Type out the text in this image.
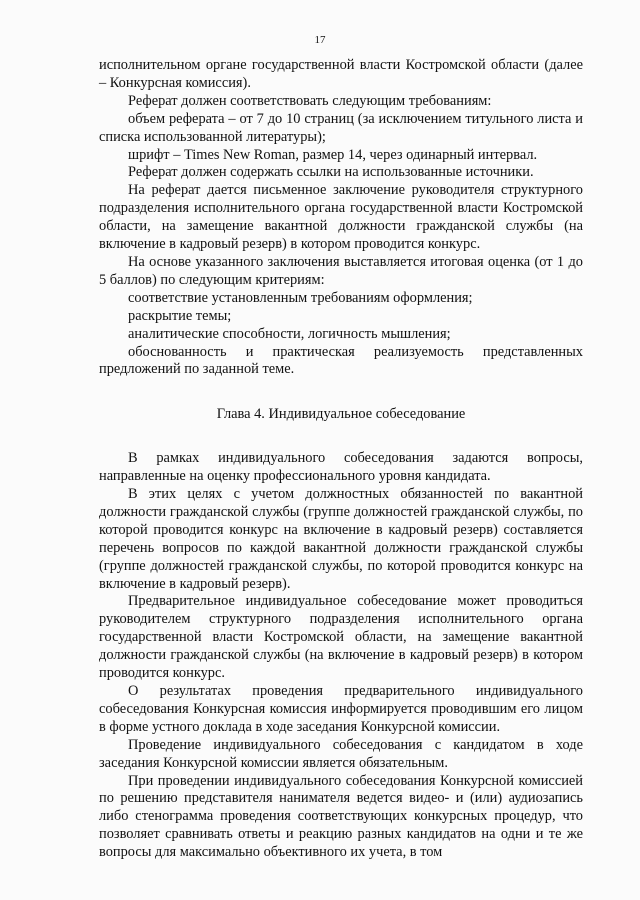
17

исполнительном органе государственной власти Костромской области (далее – Конкурсная комиссия).

Реферат должен соответствовать следующим требованиям:

объем реферата – от 7 до 10 страниц (за исключением титульного листа и списка использованной литературы);

шрифт – Times New Roman, размер 14, через одинарный интервал.

Реферат должен содержать ссылки на использованные источники.

На реферат дается письменное заключение руководителя структурного подразделения исполнительного органа государственной власти Костромской области, на замещение вакантной должности гражданской службы (на включение в кадровый резерв) в котором проводится конкурс.

На основе указанного заключения выставляется итоговая оценка (от 1 до 5 баллов) по следующим критериям:

соответствие установленным требованиям оформления;

раскрытие темы;

аналитические способности, логичность мышления;

обоснованность и практическая реализуемость представленных предложений по заданной теме.

Глава 4. Индивидуальное собеседование

В рамках индивидуального собеседования задаются вопросы, направленные на оценку профессионального уровня кандидата.

В этих целях с учетом должностных обязанностей по вакантной должности гражданской службы (группе должностей гражданской службы, по которой проводится конкурс на включение в кадровый резерв) составляется перечень вопросов по каждой вакантной должности гражданской службы (группе должностей гражданской службы, по которой проводится конкурс на включение в кадровый резерв).

Предварительное индивидуальное собеседование может проводиться руководителем структурного подразделения исполнительного органа государственной власти Костромской области, на замещение вакантной должности гражданской службы (на включение в кадровый резерв) в котором проводится конкурс.

О результатах проведения предварительного индивидуального собеседования Конкурсная комиссия информируется проводившим его лицом в форме устного доклада в ходе заседания Конкурсной комиссии.

Проведение индивидуального собеседования с кандидатом в ходе заседания Конкурсной комиссии является обязательным.

При проведении индивидуального собеседования Конкурсной комиссией по решению представителя нанимателя ведется видео- и (или) аудиозапись либо стенограмма проведения соответствующих конкурсных процедур, что позволяет сравнивать ответы и реакцию разных кандидатов на одни и те же вопросы для максимально объективного их учета, в том
